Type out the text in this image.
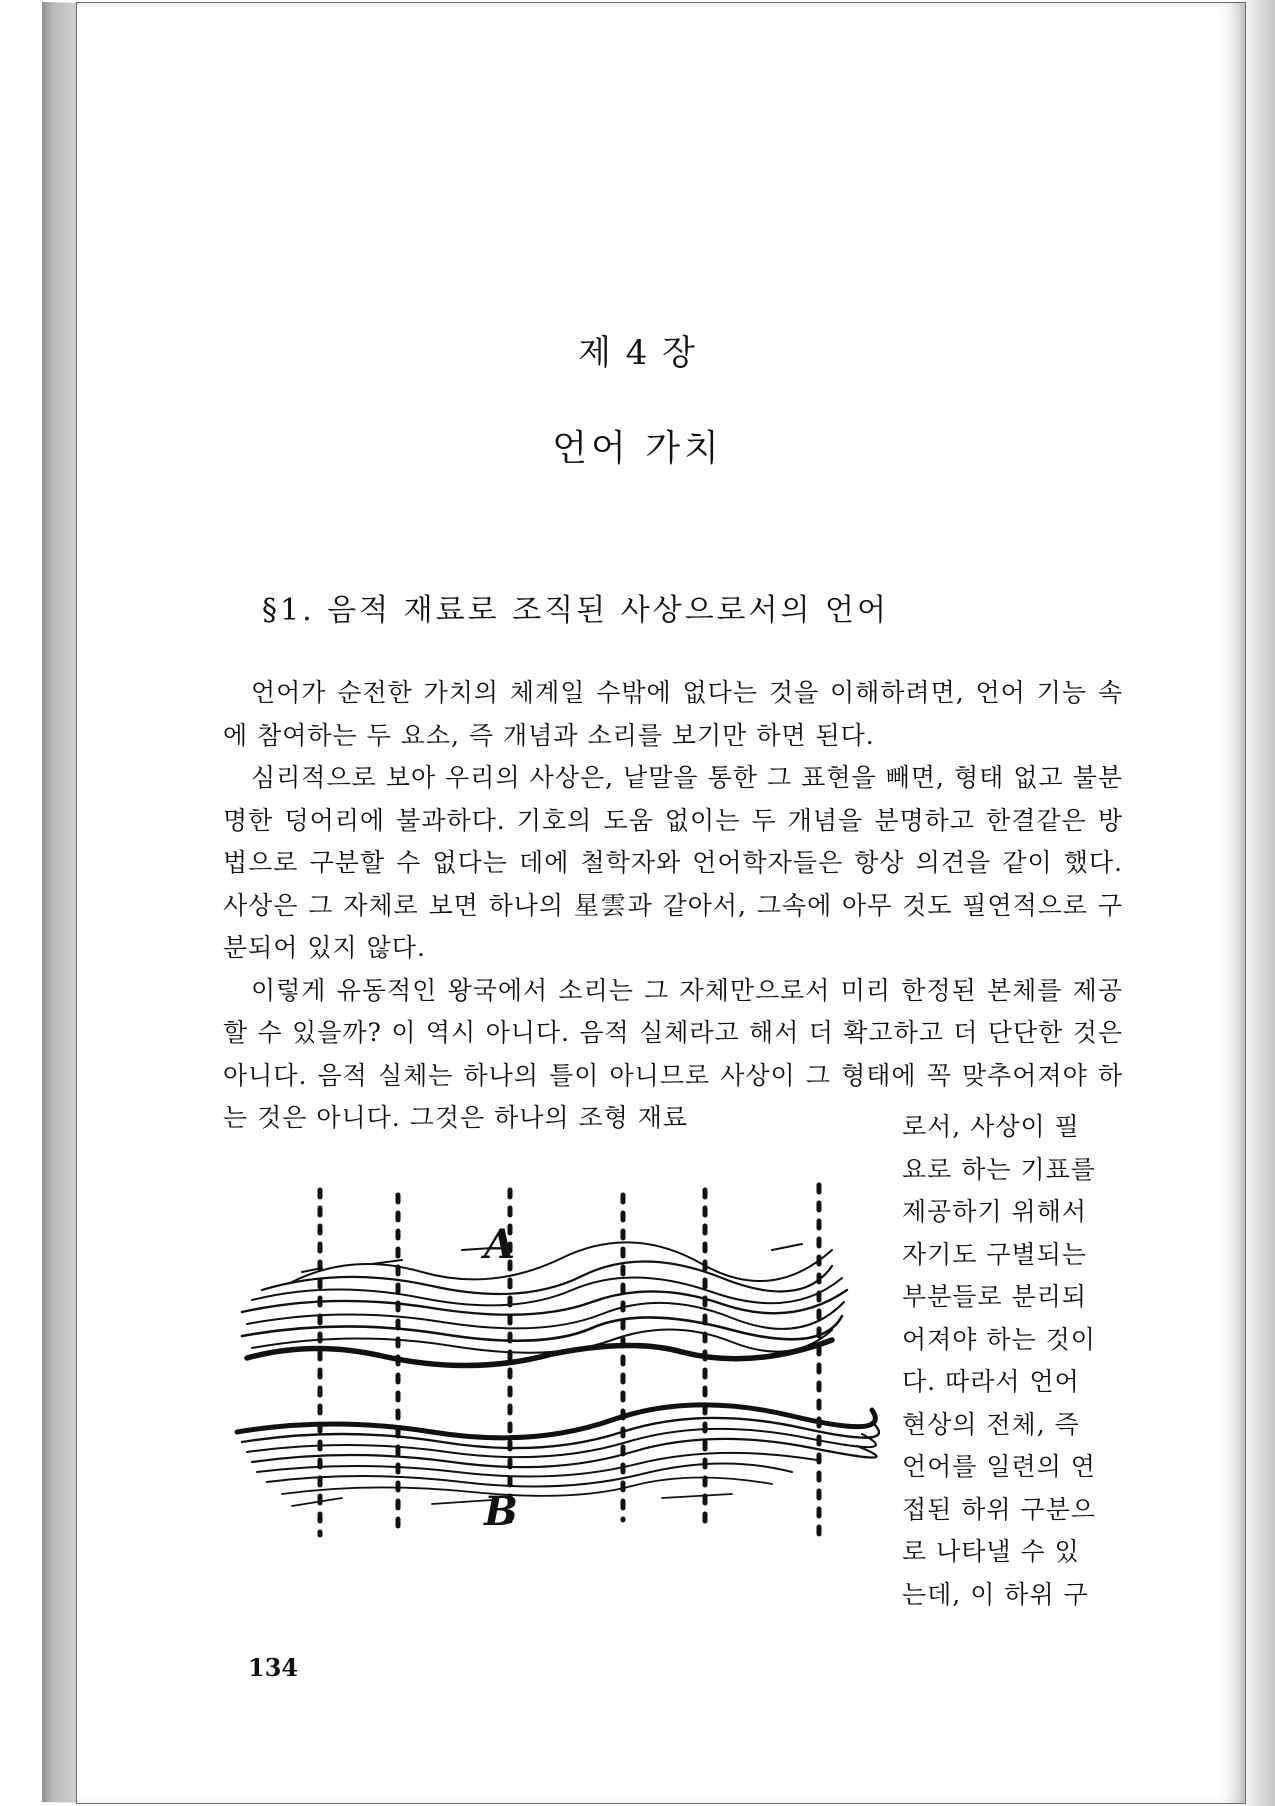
제 4 장
언어 가치
§1. 음적 재료로 조직된 사상으로서의 언어

언어가 순전한 가치의 체계일 수밖에 없다는 것을 이해하려면, 언어 기능 속에 참여하는 두 요소, 즉 개념과 소리를 보기만 하면 된다.

심리적으로 보아 우리의 사상은, 낱말을 통한 그 표현을 빼면, 형태 없고 불분명한 덩어리에 불과하다. 기호의 도움 없이는 두 개념을 분명하고 한결같은 방법으로 구분할 수 없다는 데에 철학자와 언어학자들은 항상 의견을 같이 했다. 사상은 그 자체로 보면 하나의 星雲과 같아서, 그속에 아무 것도 필연적으로 구분되어 있지 않다.

이렇게 유동적인 왕국에서 소리는 그 자체만으로서 미리 한정된 본체를 제공할 수 있을까? 이 역시 아니다. 음적 실체라고 해서 더 확고하고 더 단단한 것은 아니다. 음적 실체는 하나의 틀이 아니므로 사상이 그 형태에 꼭 맞추어져야 하는 것은 아니다. 그것은 하나의 조형 재료	로서, 사상이 필
요로 하는 기표를
제공하기 위해서
자기도 구별되는
부분들로 분리되
어져야 하는 것이
다. 따라서 언어
현상의 전체, 즉
언어를 일련의 연
접된 하위 구분으
로 나타낼 수 있
는데, 이 하위 구
A
B
134
